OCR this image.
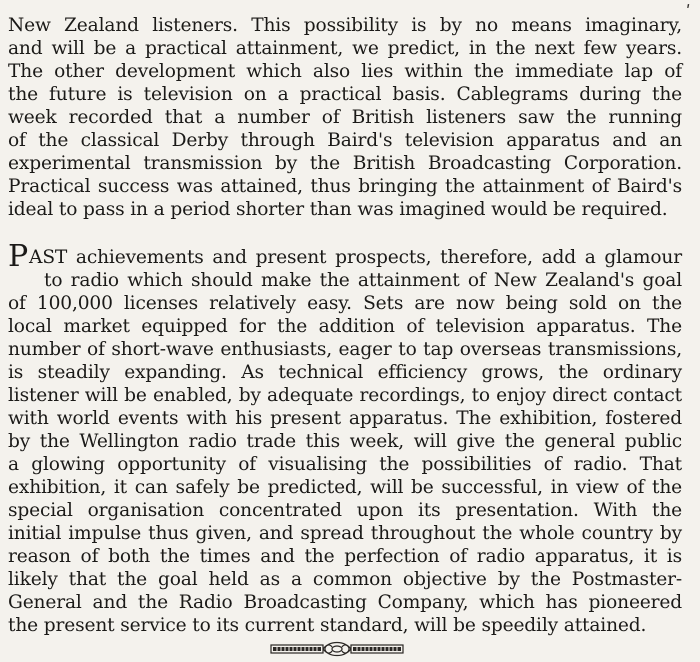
ʹ
New Zealand listeners. This possibility is by no means imaginary,
and will be a practical attainment, we predict, in the next few years.
The other development which also lies within the immediate lap of
the future is television on a practical basis. Cablegrams during the
week recorded that a number of British listeners saw the running
of the classical Derby through Baird's television apparatus and an
experimental transmission by the British Broadcasting Corporation.
Practical success was attained, thus bringing the attainment of Baird's
ideal to pass in a period shorter than was imagined would be required.
PAST achievements and present prospects, therefore, add a glamour
to radio which should make the attainment of New Zealand's goal
of 100,000 licenses relatively easy. Sets are now being sold on the
local market equipped for the addition of television apparatus. The
number of short-wave enthusiasts, eager to tap overseas transmissions,
is steadily expanding. As technical efficiency grows, the ordinary
listener will be enabled, by adequate recordings, to enjoy direct contact
with world events with his present apparatus. The exhibition, fostered
by the Wellington radio trade this week, will give the general public
a glowing opportunity of visualising the possibilities of radio. That
exhibition, it can safely be predicted, will be successful, in view of the
special organisation concentrated upon its presentation. With the
initial impulse thus given, and spread throughout the whole country by
reason of both the times and the perfection of radio apparatus, it is
likely that the goal held as a common objective by the Postmaster-
General and the Radio Broadcasting Company, which has pioneered
the present service to its current standard, will be speedily attained.
